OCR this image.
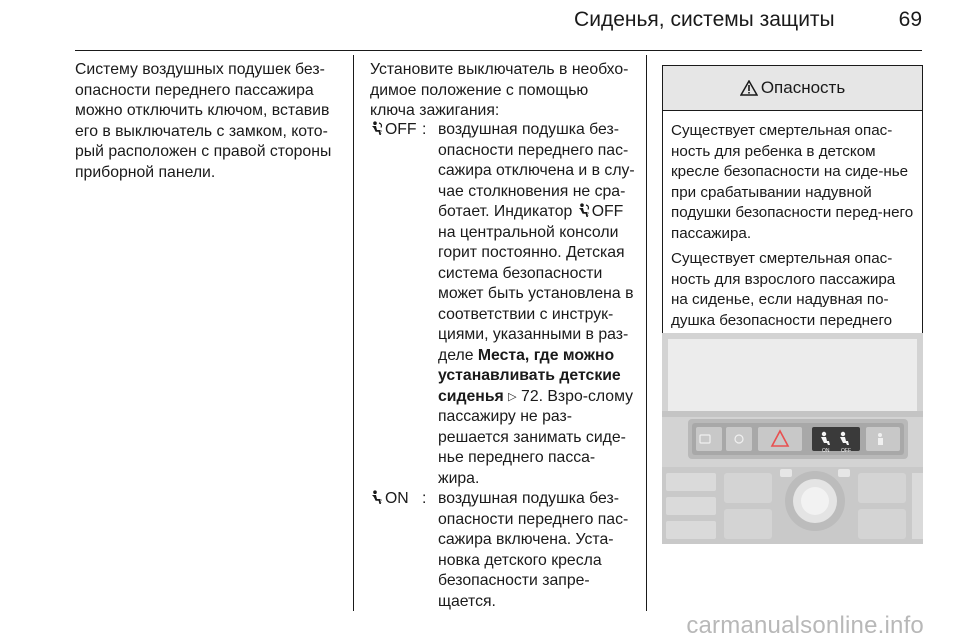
Сиденья, системы защиты	69
Систему воздушных подушек без-опасности переднего пассажира можно отключить ключом, вставив его в выключатель с замком, кото-рый расположен с правой стороны приборной панели.
Установите выключатель в необхо-димое положение с помощью ключа зажигания:
2 OFF : воздушная подушка без-опасности переднего пас-сажира отключена и в слу-чае столкновения не сра-ботает. Индикатор 2 OFF на центральной консоли горит постоянно. Детская система безопасности может быть установлена в соответствии с инструк-циями, указанными в раз-деле Места, где можно устанавливать детские сиденья ▷ 72. Взро-слому пассажиру не раз-решается занимать сиде-нье переднего пасса-жира.
2 ON : воздушная подушка без-опасности переднего пас-сажира включена. Уста-новка детского кресла безопасности запре-щается.
Опасность

Существует смертельная опас-ность для ребенка в детском кресле безопасности на сиде-нье при срабатывании надувной подушки безопасности перед-него пассажира.

Существует смертельная опас-ность для взрослого пассажира на сиденье, если надувная по-душка безопасности переднего

ON OFF
carmanualsonline.info
